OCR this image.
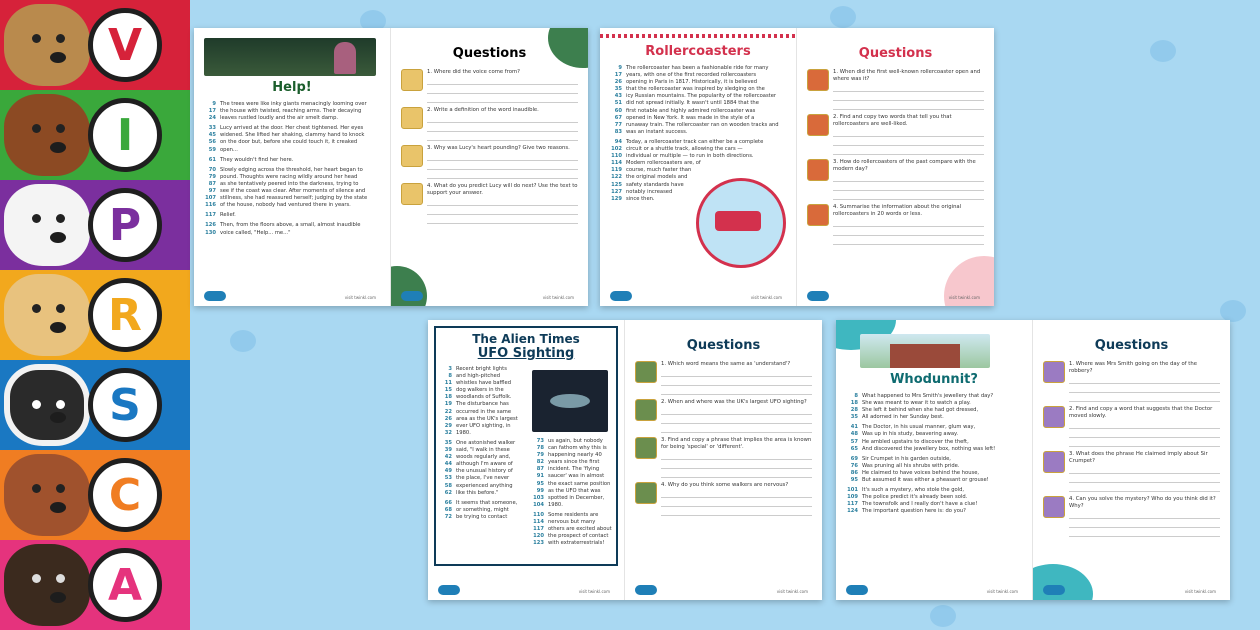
V
I
P
R
S
C
A
Help!
9 The trees were like inky giants menacingly looming over
17 the house with twisted, reaching arms. Their decaying
24 leaves rustled loudly and the air smelt damp.
33 Lucy arrived at the door. Her chest tightened. Her eyes
45 widened. She lifted her shaking, clammy hand to knock
56 on the door but, before she could touch it, it creaked
59 open...
61 They wouldn't find her here.
70 Slowly edging across the threshold, her heart began to
79 pound. Thoughts were racing wildly around her head
87 as she tentatively peered into the darkness, trying to
97 see if the coast was clear. After moments of silence and
107 stillness, she had reassured herself; judging by the state
116 of the house, nobody had ventured there in years.
117 Relief.
126 Then, from the floors above, a small, almost inaudible
130 voice called, "Help... me..."
visit twinkl.com
Questions
1. Where did the voice come from?
2. Write a definition of the word inaudible.
3. Why was Lucy's heart pounding? Give two reasons.
4. What do you predict Lucy will do next? Use the text to support your answer.
visit twinkl.com
Rollercoasters
9 The rollercoaster has been a fashionable ride for many
17 years, with one of the first recorded rollercoasters
26 opening in Paris in 1817. Historically, it is believed
35 that the rollercoaster was inspired by sledging on the
43 icy Russian mountains. The popularity of the rollercoaster
51 did not spread initially. It wasn't until 1884 that the
60 first notable and highly admired rollercoaster was
67 opened in New York. It was made in the style of a
77 runaway train. The rollercoaster ran on wooden tracks and
83 was an instant success.
94 Today, a rollercoaster track can either be a complete
102 circuit or a shuttle track, allowing the cars —
110 individual or multiple — to run in both directions.
114 Modern rollercoasters are, of
119 course, much faster than
122 the original models and
125 safety standards have
127 notably increased
129 since then.
visit twinkl.com
Questions
1. When did the first well-known rollercoaster open and where was it?
2. Find and copy two words that tell you that rollercoasters are well-liked.
3. How do rollercoasters of the past compare with the modern day?
4. Summarise the information about the original rollercoasters in 20 words or less.
visit twinkl.com
The Alien Times
UFO Sighting
3 Recent bright lights
8 and high-pitched
11 whistles have baffled
15 dog walkers in the
18 woodlands of Suffolk.
19 The disturbance has
22 occurred in the same
26 area as the UK's largest
29 ever UFO sighting, in
32 1980.
35 One astonished walker
39 said, "I walk in these
42 woods regularly and,
44 although I'm aware of
49 the unusual history of
53 the place, I've never
58 experienced anything
62 like this before."
66 It seems that someone,
68 or something, might
72 be trying to contact
73 us again, but nobody
78 can fathom why this is
79 happening nearly 40
82 years since the first
87 incident. The 'flying
91 saucer' was in almost
95 the exact same position
99 as the UFO that was
103 spotted in December,
104 1980.
110 Some residents are
114 nervous but many
117 others are excited about
120 the prospect of contact
123 with extraterrestrials!
visit twinkl.com
Questions
1. Which word means the same as 'understand'?
2. When and where was the UK's largest UFO sighting?
3. Find and copy a phrase that implies the area is known for being 'special' or 'different'.
4. Why do you think some walkers are nervous?
visit twinkl.com
Whodunnit?
8 What happened to Mrs Smith's jewellery that day?
18 She was meant to wear it to watch a play.
28 She left it behind when she had got dressed,
35 All adorned in her Sunday best.
41 The Doctor, in his usual manner, glum way,
48 Was up in his study, beavering away.
57 He ambled upstairs to discover the theft,
65 And discovered the jewellery box, nothing was left!
69 Sir Crumpet in his garden outside,
76 Was pruning all his shrubs with pride.
86 He claimed to have voices behind the house,
95 But assumed it was either a pheasant or grouse!
101 It's such a mystery, who stole the gold,
109 The police predict it's already been sold.
117 The townsfolk and I really don't have a clue!
124 The important question here is: do you?
visit twinkl.com
Questions
1. Where was Mrs Smith going on the day of the robbery?
2. Find and copy a word that suggests that the Doctor moved slowly.
3. What does the phrase He claimed imply about Sir Crumpet?
4. Can you solve the mystery? Who do you think did it? Why?
visit twinkl.com
